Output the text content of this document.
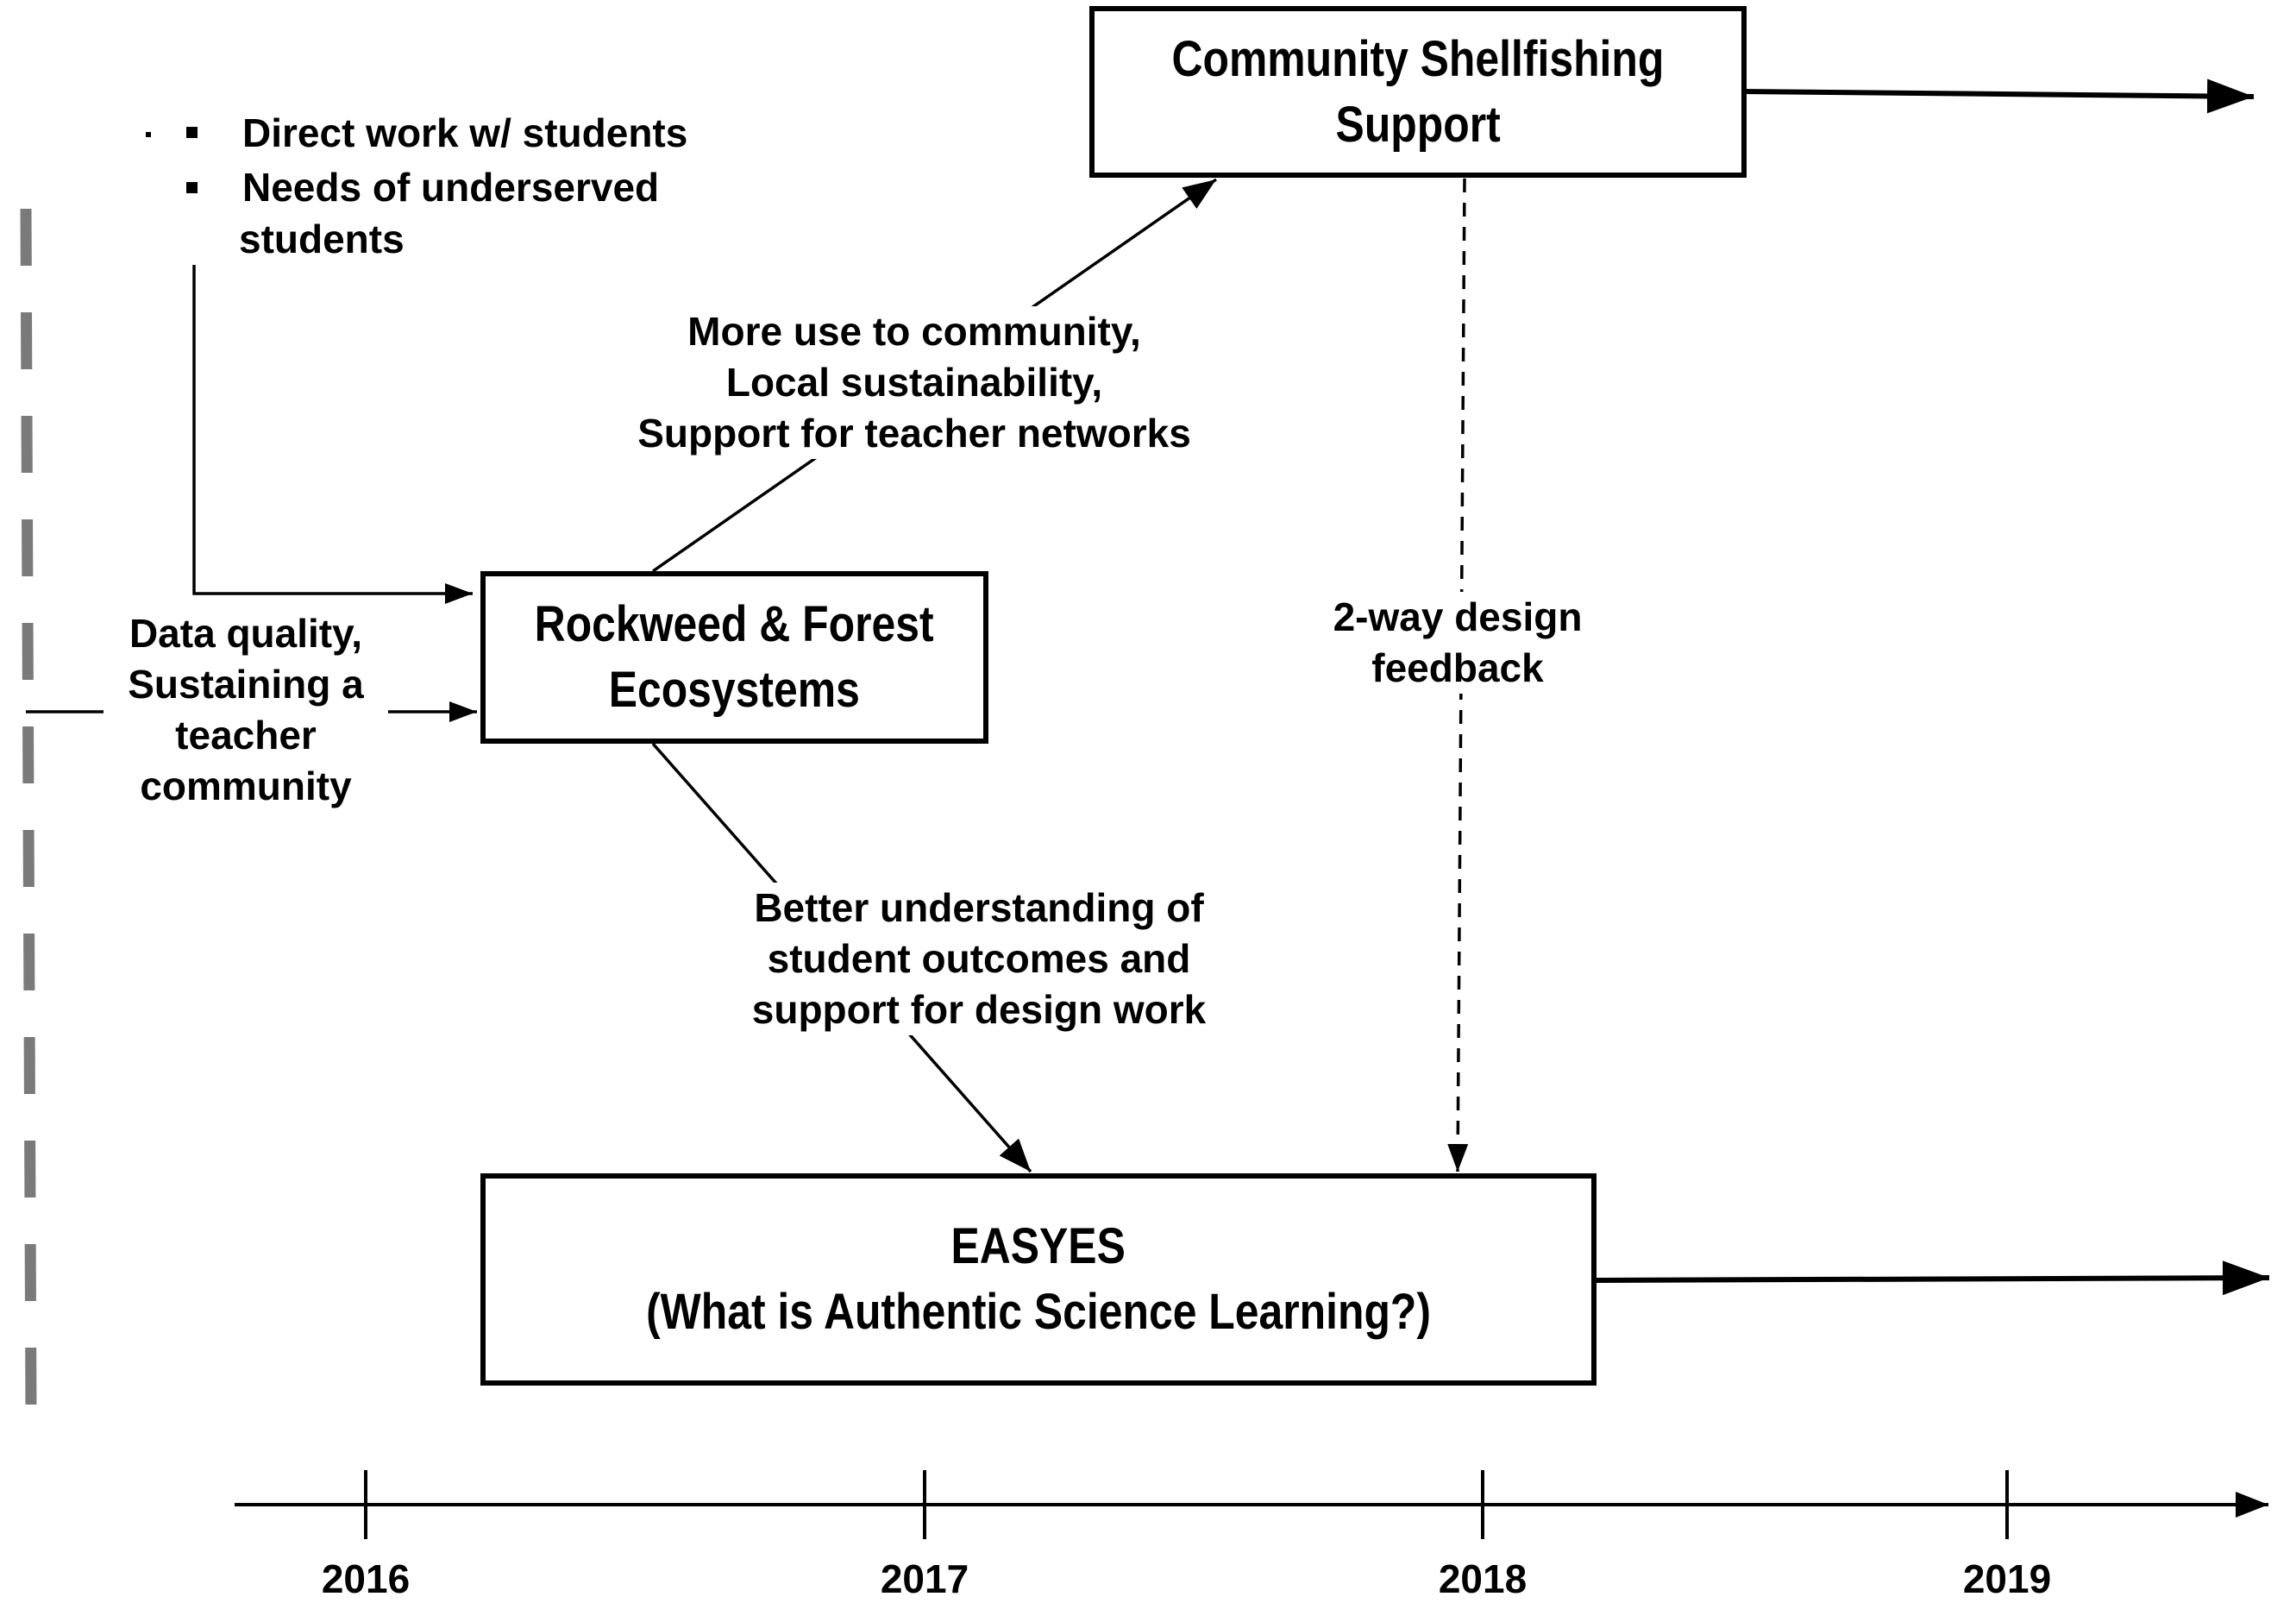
Community Shellfishing
Support
Rockweed & Forest
Ecosystems
EASYES
(What is Authentic Science Learning?)
Direct work w/ students
Needs of underserved
students
Data quality,
Sustaining a
teacher
community
More use to community,
Local sustainability,
Support for teacher networks
Better understanding of
student outcomes and
support for design work
2-way design
feedback
2016	2017	2018	2019
